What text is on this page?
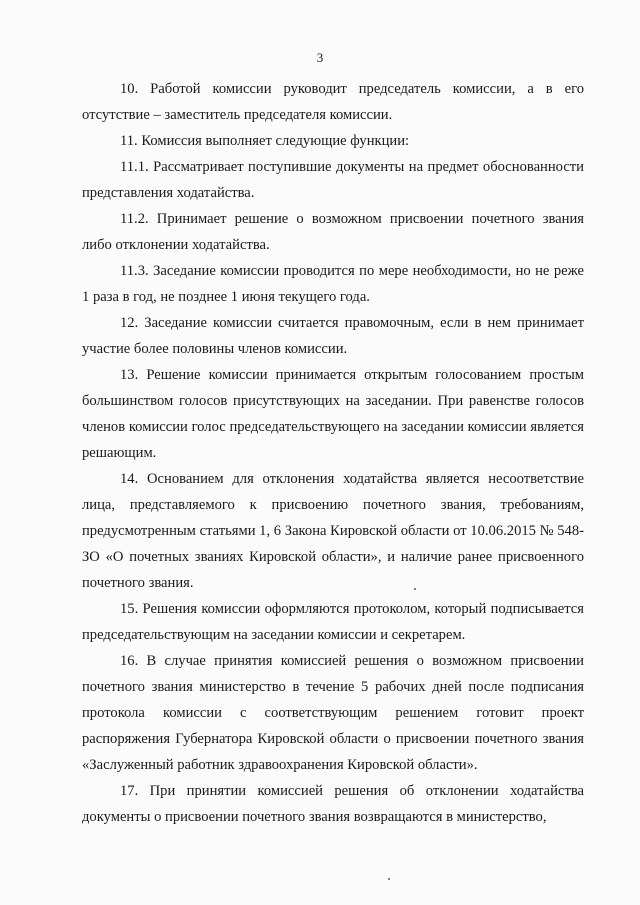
3

10. Работой комиссии руководит председатель комиссии, а в его отсутствие – заместитель председателя комиссии.

11. Комиссия выполняет следующие функции:

11.1. Рассматривает поступившие документы на предмет обоснованности представления ходатайства.

11.2. Принимает решение о возможном присвоении почетного звания либо отклонении ходатайства.

11.3. Заседание комиссии проводится по мере необходимости, но не реже 1 раза в год, не позднее 1 июня текущего года.

12. Заседание комиссии считается правомочным, если в нем принимает участие более половины членов комиссии.

13. Решение комиссии принимается открытым голосованием простым большинством голосов присутствующих на заседании. При равенстве голосов членов комиссии голос председательствующего на заседании комиссии является решающим.

14. Основанием для отклонения ходатайства является несоответствие лица, представляемого к присвоению почетного звания, требованиям, предусмотренным статьями 1, 6 Закона Кировской области от 10.06.2015 № 548-ЗО «О почетных званиях Кировской области», и наличие ранее присвоенного почетного звания.

15. Решения комиссии оформляются протоколом, который подписывается председательствующим на заседании комиссии и секретарем.

16. В случае принятия комиссией решения о возможном присвоении почетного звания министерство в течение 5 рабочих дней после подписания протокола комиссии с соответствующим решением готовит проект распоряжения Губернатора Кировской области о присвоении почетного звания «Заслуженный работник здравоохранения Кировской области».

17. При принятии комиссией решения об отклонении ходатайства документы о присвоении почетного звания возвращаются в министерство,
